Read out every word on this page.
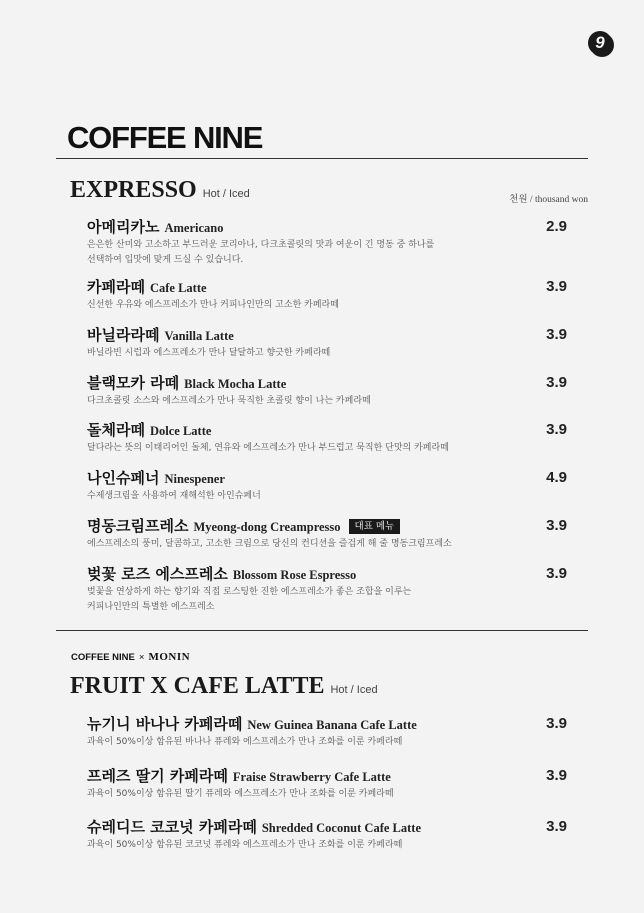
9
COFFEE NINE
EXPRESSO Hot / Iced	천원 / thousand won
아메리카노 Americano	2.9
은은한 산미와 고소하고 부드러운 코리아나, 다크초콜릿의 맛과 여운이 긴 명동 중 하나를
선택하여 입맛에 맞게 드실 수 있습니다.
카페라떼 Cafe Latte	3.9
신선한 우유와 에스프레소가 만나 커피나인만의 고소한 카페라떼
바닐라라떼 Vanilla Latte	3.9
바닐라빈 시럽과 에스프레소가 만나 달달하고 향긋한 카페라떼
블랙모카 라떼 Black Mocha Latte	3.9
다크초콜릿 소스와 에스프레소가 만나 묵직한 초콜릿 향이 나는 카페라떼
돌체라떼 Dolce Latte	3.9
달다라는 뜻의 이태리어인 돌체, 연유와 에스프레소가 만나 부드럽고 묵직한 단맛의 카페라떼
나인슈페너 Ninespener	4.9
수제생크림을 사용하여 재해석한 아인슈페너
명동크림프레소 Myeong-dong Creampresso 대표 메뉴	3.9
에스프레소의 풍미, 달콤하고, 고소한 크림으로 당신의 컨디션을 즐겁게 해 줄 명동크림프레소
벚꽃 로즈 에스프레소 Blossom Rose Espresso	3.9
벚꽃을 연상하게 하는 향기와 직접 로스팅한 진한 에스프레소가 좋은 조합을 이루는
커피나인만의 특별한 에스프레소
COFFEE NINE × MONIN
FRUIT X CAFE LATTE Hot / Iced
뉴기니 바나나 카페라떼 New Guinea Banana Cafe Latte	3.9
과육이 50%이상 함유된 바나나 퓨레와 에스프레소가 만나 조화를 이룬 카페라떼
프레즈 딸기 카페라떼 Fraise Strawberry Cafe Latte	3.9
과육이 50%이상 함유된 딸기 퓨레와 에스프레소가 만나 조화를 이룬 카페라떼
슈레디드 코코넛 카페라떼 Shredded Coconut Cafe Latte	3.9
과육이 50%이상 함유된 코코넛 퓨레와 에스프레소가 만나 조화를 이룬 카페라떼
